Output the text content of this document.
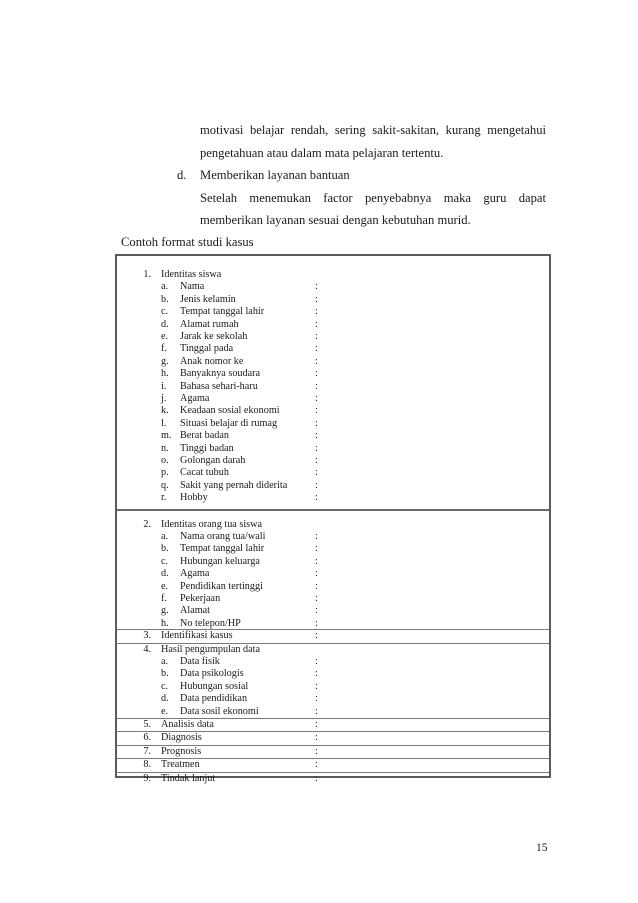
motivasi belajar rendah, sering sakit-sakitan, kurang mengetahui
pengetahuan atau dalam mata pelajaran tertentu.
d. Memberikan layanan bantuan
Setelah menemukan factor penyebabnya maka guru dapat
memberikan layanan sesuai dengan kebutuhan murid.
Contoh format studi kasus
1. Identitas siswa
a. Nama	:
b. Jenis kelamin	:
c. Tempat tanggal lahir	:
d. Alamat rumah	:
e. Jarak ke sekolah	:
f. Tinggal pada	:
g. Anak nomor ke	:
h. Banyaknya soudara	:
i. Bahasa sehari-haru	:
j. Agama	:
k. Keadaan sosial ekonomi	:
l. Situasi belajar di rumag	:
m. Berat badan	:
n. Tinggi badan	:
o. Golongan darah	:
p. Cacat tubuh	:
q. Sakit yang pernah diderita	:
r. Hobby	:
2. Identitas orang tua siswa
a. Nama orang tua/wali	:
b. Tempat tanggal lahir	:
c. Hubungan keluarga	:
d. Agama	:
e. Pendidikan tertinggi	:
f. Pekerjaan	:
g. Alamat	:
h. No telepon/HP	:
3. Identifikasi kasus	:
4. Hasil pengumpulan data
a. Data fisik	:
b. Data psikologis	:
c. Hubungan sosial	:
d. Data pendidikan	:
e. Data sosil ekonomi	:
5. Analisis data	:
6. Diagnosis	:
7. Prognosis	:
8. Treatmen	:
9. Tindak lanjut	:
15
